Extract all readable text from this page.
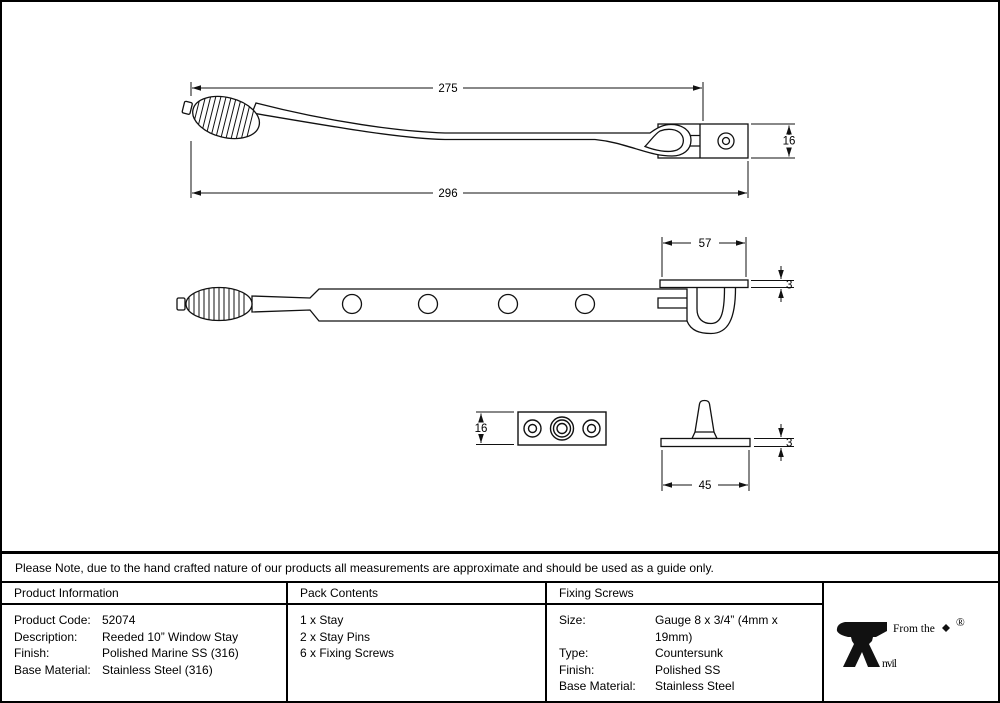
275
296
16
57
3
16
3
45
Please Note, due to the hand crafted nature of our products all measurements are approximate and should be used as a guide only.
Product Information	Pack Contents	Fixing Screws
nvil
From the ®
Product Code: 52074
Description:	Reeded 10” Window Stay
Finish:	Polished Marine SS (316)
Base Material: Stainless Steel (316)
1 x Stay
2 x Stay Pins
6 x Fixing Screws
Size:	Gauge 8 x 3/4” (4mm x 19mm)
Type:	Countersunk
Finish:	Polished SS
Base Material:	Stainless Steel
